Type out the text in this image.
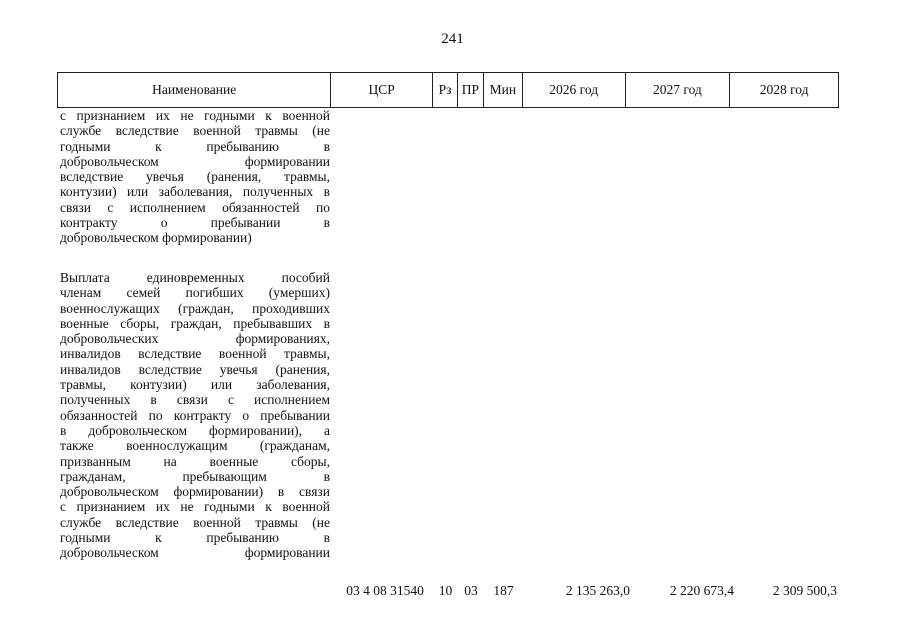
241
Наименование	ЦСР	Рз ПР Мин	2026 год	2027 год	2028 год
с признанием их не годными к военной
службе вследствие военной травмы (не
годными к пребыванию в
добровольческом формировании
вследствие увечья (ранения, травмы,
контузии) или заболевания, полученных в
связи с исполнением обязанностей по
контракту о пребывании в
добровольческом формировании)
Выплата единовременных пособий
членам семей погибших (умерших)
военнослужащих (граждан, проходивших
военные сборы, граждан, пребывавших в
добровольческих формированиях,
инвалидов вследствие военной травмы,
инвалидов вследствие увечья (ранения,
травмы, контузии) или заболевания,
полученных в связи с исполнением
обязанностей по контракту о пребывании
в добровольческом формировании), а
также военнослужащим (гражданам,
призванным на военные сборы,
гражданам, пребывающим в
добровольческом формировании) в связи
с признанием их не годными к военной
службе вследствие военной травмы (не
годными к пребыванию в
добровольческом формировании
03 4 08 31540	10 03	187	2 135 263,0	2 220 673,4	2 309 500,3
